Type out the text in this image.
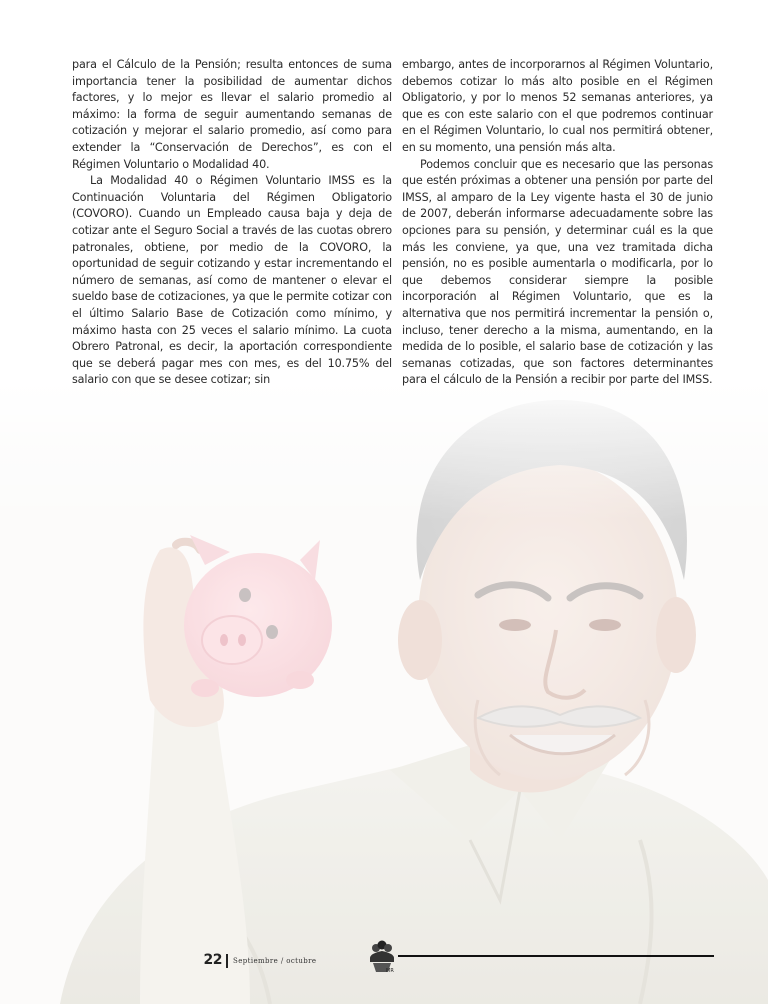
para el Cálculo de la Pensión; resulta entonces de suma importancia tener la posibilidad de aumentar dichos factores, y lo mejor es llevar el salario promedio al máximo: la forma de seguir aumentando semanas de cotización y mejorar el salario promedio, así como para extender la “Conservación de Derechos”, es con el Régimen Voluntario o Modalidad 40.

La Modalidad 40 o Régimen Voluntario IMSS es la Continuación Voluntaria del Régimen Obligatorio (COVORO). Cuando un Empleado causa baja y deja de cotizar ante el Seguro Social a través de las cuotas obrero patronales, obtiene, por medio de la COVORO, la oportunidad de seguir cotizando y estar incrementando el número de semanas, así como de mantener o elevar el sueldo base de cotizaciones, ya que le permite cotizar con el último Salario Base de Cotización como mínimo, y máximo hasta con 25 veces el salario mínimo. La cuota Obrero Patronal, es decir, la aportación correspondiente que se deberá pagar mes con mes, es del 10.75% del salario con que se desee cotizar; sin

embargo, antes de incorporarnos al Régimen Voluntario, debemos cotizar lo más alto posible en el Régimen Obligatorio, y por lo menos 52 semanas anteriores, ya que es con este salario con el que podremos continuar en el Régimen Voluntario, lo cual nos permitirá obtener, en su momento, una pensión más alta.

Podemos concluir que es necesario que las personas que estén próximas a obtener una pensión por parte del IMSS, al amparo de la Ley vigente hasta el 30 de junio de 2007, deberán informarse adecuadamente sobre las opciones para su pensión, y determinar cuál es la que más les conviene, ya que, una vez tramitada dicha pensión, no es posible aumentarla o modificarla, por lo que debemos considerar siempre la posible incorporación al Régimen Voluntario, que es la alternativa que nos permitirá incrementar la pensión o, incluso, tener derecho a la misma, aumentando, en la medida de lo posible, el salario base de cotización y las semanas cotizadas, que son factores determinantes para el cálculo de la Pensión a recibir por parte del IMSS.

22 Septiembre / octubre
MR
